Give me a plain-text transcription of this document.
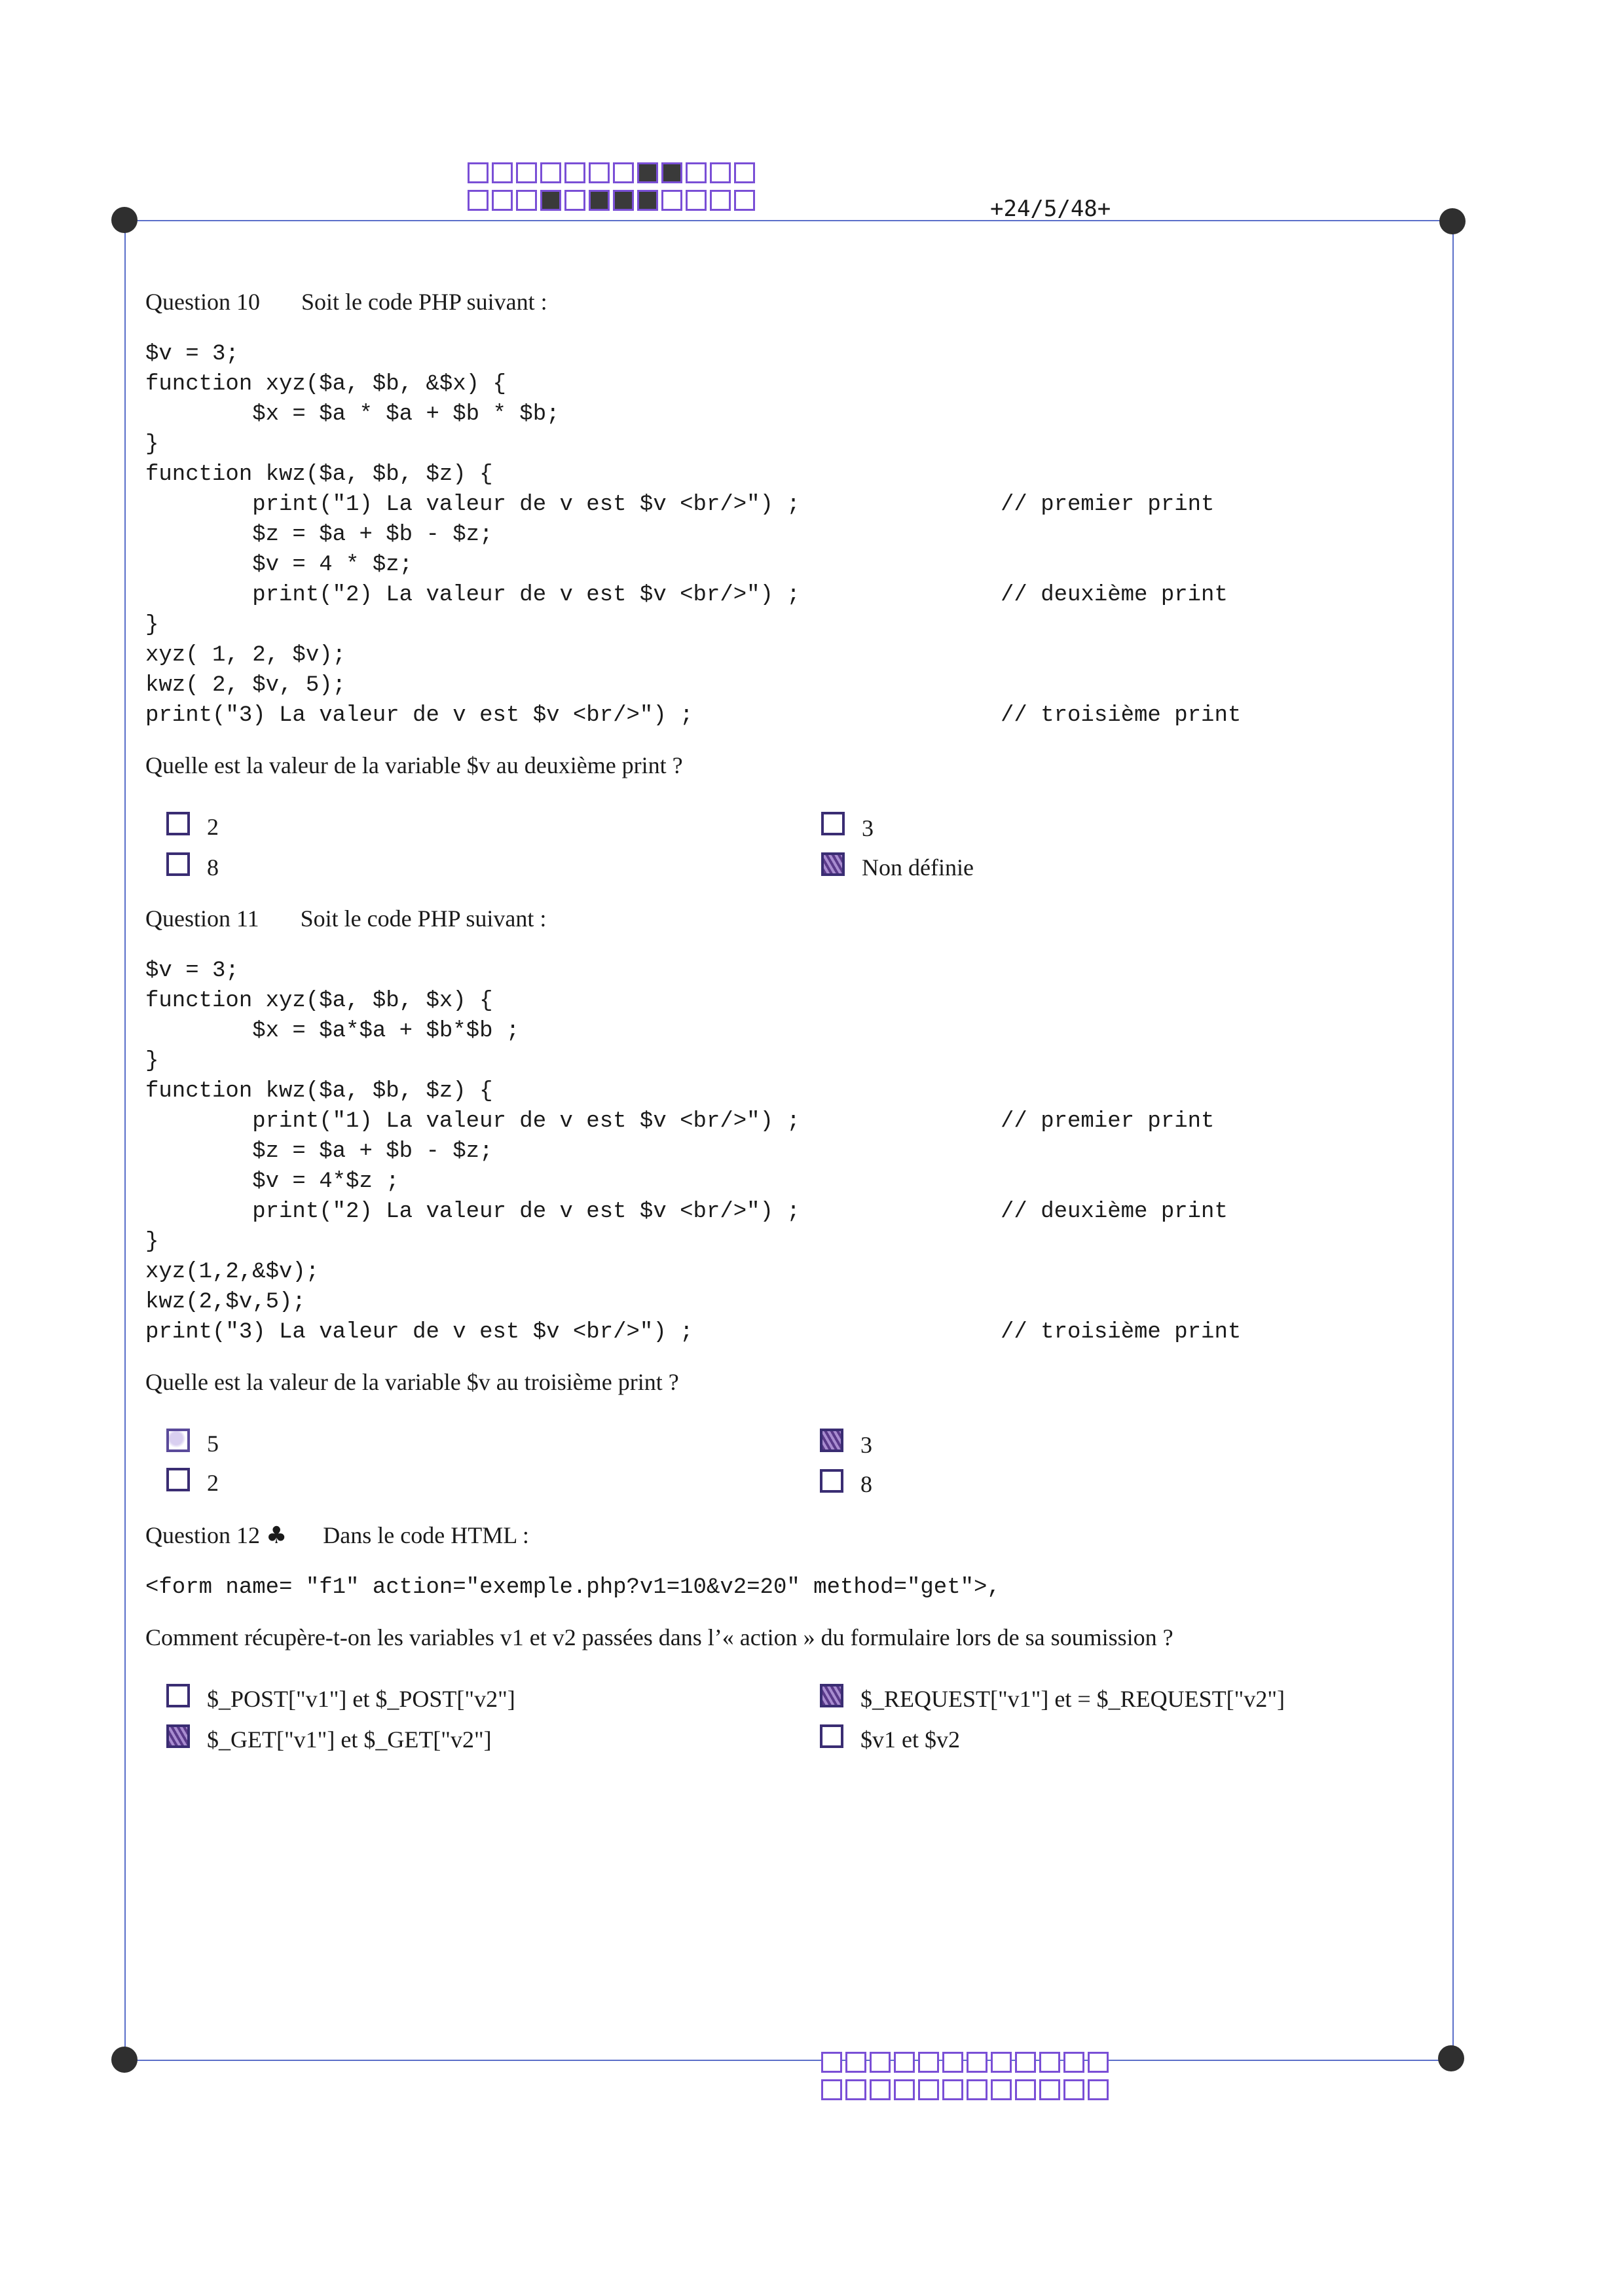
+24/5/48+
Question 10 Soit le code PHP suivant :
$v = 3;
function xyz($a, $b, &$x) {
$x = $a * $a + $b * $b;
}
function kwz($a, $b, $z) {
print("1) La valeur de v est $v <br/>") ;
$z = $a + $b - $z;
$v = 4 * $z;
print("2) La valeur de v est $v <br/>") ;
}
xyz( 1, 2, $v);
kwz( 2, $v, 5);
print("3) La valeur de v est $v <br/>") ;
// premier print
// deuxième print
// troisième print
Quelle est la valeur de la variable $v au deuxième print ?
2	3
8	Non définie
Question 11 Soit le code PHP suivant :
$v = 3;
function xyz($a, $b, $x) {
$x = $a*$a + $b*$b ;
}
function kwz($a, $b, $z) {
print("1) La valeur de v est $v <br/>") ;
$z = $a + $b - $z;
$v = 4*$z ;
print("2) La valeur de v est $v <br/>") ;
}
xyz(1,2,&$v);
kwz(2,$v,5);
print("3) La valeur de v est $v <br/>") ;
// premier print
// deuxième print
// troisième print
Quelle est la valeur de la variable $v au troisième print ?
5	3
2	8
Question 12 ♣ Dans le code HTML :
<form name= "f1" action="exemple.php?v1=10&v2=20" method="get">,
Comment récupère-t-on les variables v1 et v2 passées dans l’« action » du formulaire lors de sa soumission ?
$_POST["v1"] et $_POST["v2"]	$_REQUEST["v1"] et = $_REQUEST["v2"]
$_GET["v1"] et $_GET["v2"]	$v1 et $v2
